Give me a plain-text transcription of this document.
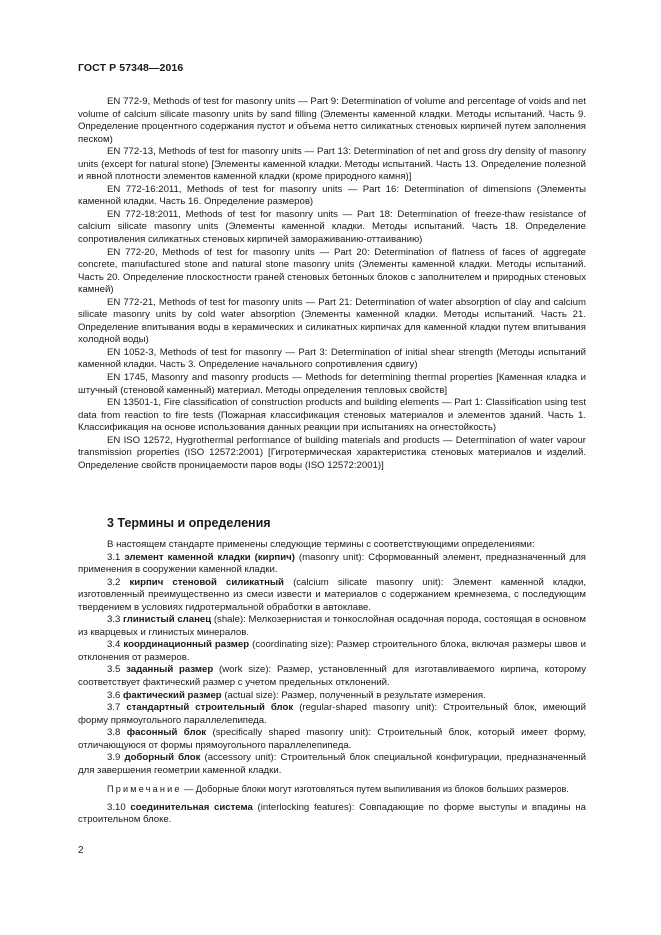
ГОСТ Р 57348—2016

EN 772-9, Methods of test for masonry units — Part 9: Determination of volume and percentage of voids and net volume of calcium silicate masonry units by sand filling (Элементы каменной кладки. Методы испытаний. Часть 9. Определение процентного содержания пустот и объема нетто силикатных стеновых кирпичей путем заполнения песком)

EN 772-13, Methods of test for masonry units — Part 13: Determination of net and gross dry density of masonry units (except for natural stone) [Элементы каменной кладки. Методы испытаний. Часть 13. Определение полезной и явной плотности элементов каменной кладки (кроме природного камня)]

EN 772-16:2011, Methods of test for masonry units — Part 16: Determination of dimensions (Элементы каменной кладки. Часть 16. Определение размеров)

EN 772-18:2011, Methods of test for masonry units — Part 18: Determination of freeze-thaw resistance of calcium silicate masonry units (Элементы каменной кладки. Методы испытаний. Часть 18. Определение сопротивления силикатных стеновых кирпичей замораживанию-оттаиванию)

EN 772-20, Methods of test for masonry units — Part 20: Determination of flatness of faces of aggregate concrete, manufactured stone and natural stone masonry units (Элементы каменной кладки. Методы испытаний. Часть 20. Определение плоскостности граней стеновых бетонных блоков с заполнителем и природных стеновых камней)

EN 772-21, Methods of test for masonry units — Part 21: Determination of water absorption of clay and calcium silicate masonry units by cold water absorption (Элементы каменной кладки. Методы испытаний. Часть 21. Определение впитывания воды в керамических и силикатных кирпичах для каменной кладки путем впитывания холодной воды)

EN 1052-3, Methods of test for masonry — Part 3: Determination of initial shear strength (Методы испытаний каменной кладки. Часть 3. Определение начального сопротивления сдвигу)

EN 1745, Masonry and masonry products — Methods for determining thermal properties [Каменная кладка и штучный (стеновой каменный) материал. Методы определения тепловых свойств]

EN 13501-1, Fire classification of construction products and building elements — Part 1: Classification using test data from reaction to fire tests (Пожарная классификация стеновых материалов и элементов зданий. Часть 1. Классификация на основе использования данных реакции при испытаниях на огнестойкость)

EN ISO 12572, Hygrothermal performance of building materials and products — Determination of water vapour transmission properties (ISO 12572:2001) [Гигротермическая характеристика стеновых материалов и изделий. Определение свойств проницаемости паров воды (ISO 12572:2001)]

3 Термины и определения

В настоящем стандарте применены следующие термины с соответствующими определениями:

3.1 элемент каменной кладки (кирпич) (masonry unit): Сформованный элемент, предназначенный для применения в сооружении каменной кладки.

3.2 кирпич стеновой силикатный (calcium silicate masonry unit): Элемент каменной кладки, изготовленный преимущественно из смеси извести и материалов с содержанием кремнезема, с последующим твердением в условиях гидротермальной обработки в автоклаве.

3.3 глинистый сланец (shale): Мелкозернистая и тонкослойная осадочная порода, состоящая в основном из кварцевых и глинистых минералов.

3.4 координационный размер (coordinating size): Размер строительного блока, включая размеры швов и отклонения от размеров.

3.5 заданный размер (work size): Размер, установленный для изготавливаемого кирпича, которому соответствует фактический размер с учетом предельных отклонений.

3.6 фактический размер (actual size): Размер, полученный в результате измерения.

3.7 стандартный строительный блок (regular-shaped masonry unit): Строительный блок, имеющий форму прямоугольного параллелепипеда.

3.8 фасонный блок (specifically shaped masonry unit): Строительный блок, который имеет форму, отличающуюся от формы прямоугольного параллелепипеда.

3.9 доборный блок (accessory unit): Строительный блок специальной конфигурации, предназначенный для завершения геометрии каменной кладки.

Примечание — Доборные блоки могут изготовляться путем выпиливания из блоков больших размеров.

3.10 соединительная система (interlocking features): Совпадающие по форме выступы и впадины на строительном блоке.

2
